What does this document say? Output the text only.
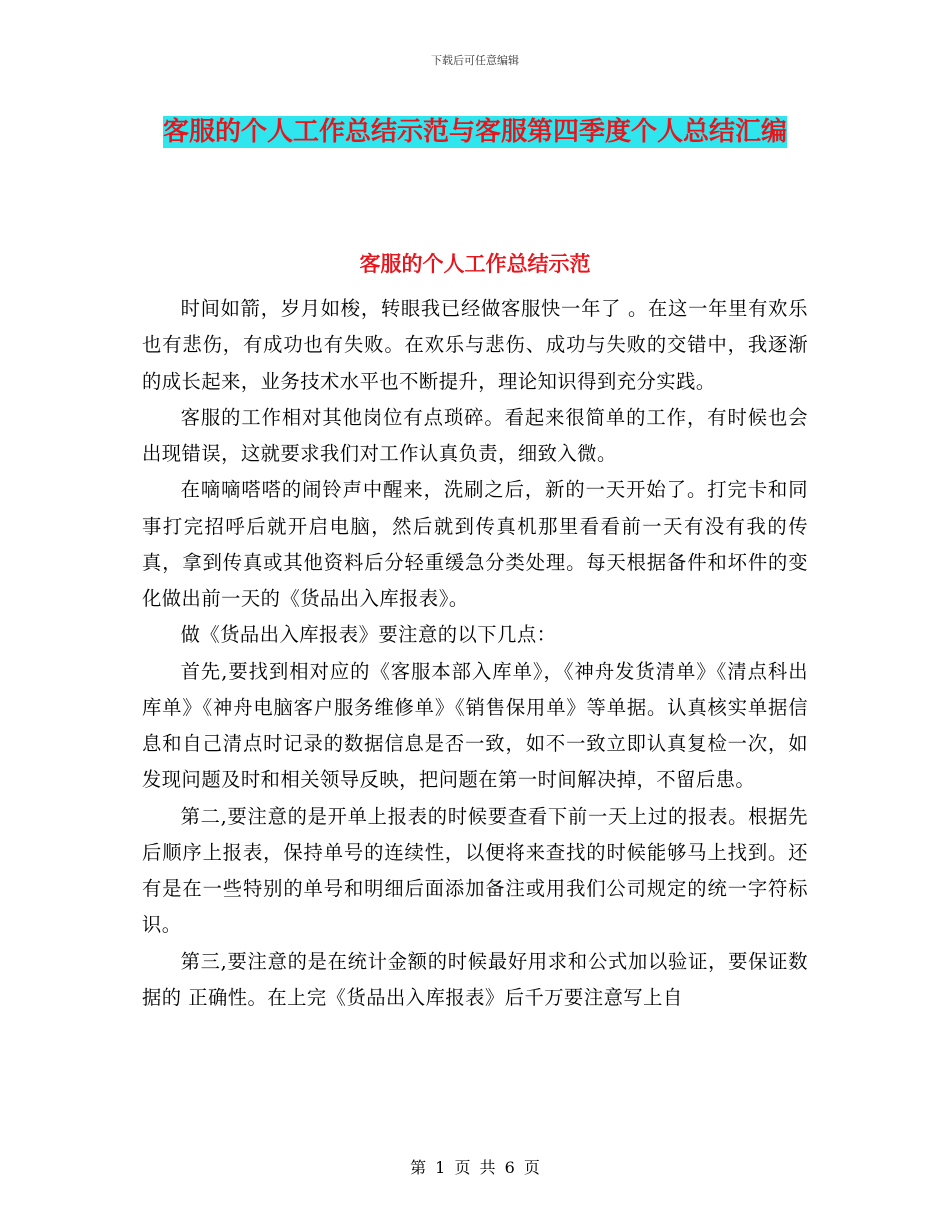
下载后可任意编辑
客服的个人工作总结示范与客服第四季度个人总结汇编
客服的个人工作总结示范

时间如箭，岁月如梭，转眼我已经做客服快一年了 。在这一年里有欢乐也有悲伤，有成功也有失败。在欢乐与悲伤、成功与失败的交错中，我逐渐的成长起来，业务技术水平也不断提升，理论知识得到充分实践。

客服的工作相对其他岗位有点琐碎。看起来很简单的工作，有时候也会出现错误，这就要求我们对工作认真负责，细致入微。

在嘀嘀嗒嗒的闹铃声中醒来，洗刷之后，新的一天开始了。打完卡和同事打完招呼后就开启电脑，然后就到传真机那里看看前一天有没有我的传真，拿到传真或其他资料后分轻重缓急分类处理。每天根据备件和坏件的变化做出前一天的《货品出入库报表》。

做《货品出入库报表》要注意的以下几点：

首先,要找到相对应的《客服本部入库单》，《神舟发货清单》《清点科出库单》《神舟电脑客户服务维修单》《销售保用单》等单据。认真核实单据信息和自己清点时记录的数据信息是否一致，如不一致立即认真复检一次，如发现问题及时和相关领导反映，把问题在第一时间解决掉，不留后患。

第二,要注意的是开单上报表的时候要查看下前一天上过的报表。根据先后顺序上报表，保持单号的连续性，以便将来查找的时候能够马上找到。还有是在一些特别的单号和明细后面添加备注或用我们公司规定的统一字符标识。

第三,要注意的是在统计金额的时候最好用求和公式加以验证，要保证数据的 正确性。在上完《货品出入库报表》后千万要注意写上自

第 1 页 共 6 页
